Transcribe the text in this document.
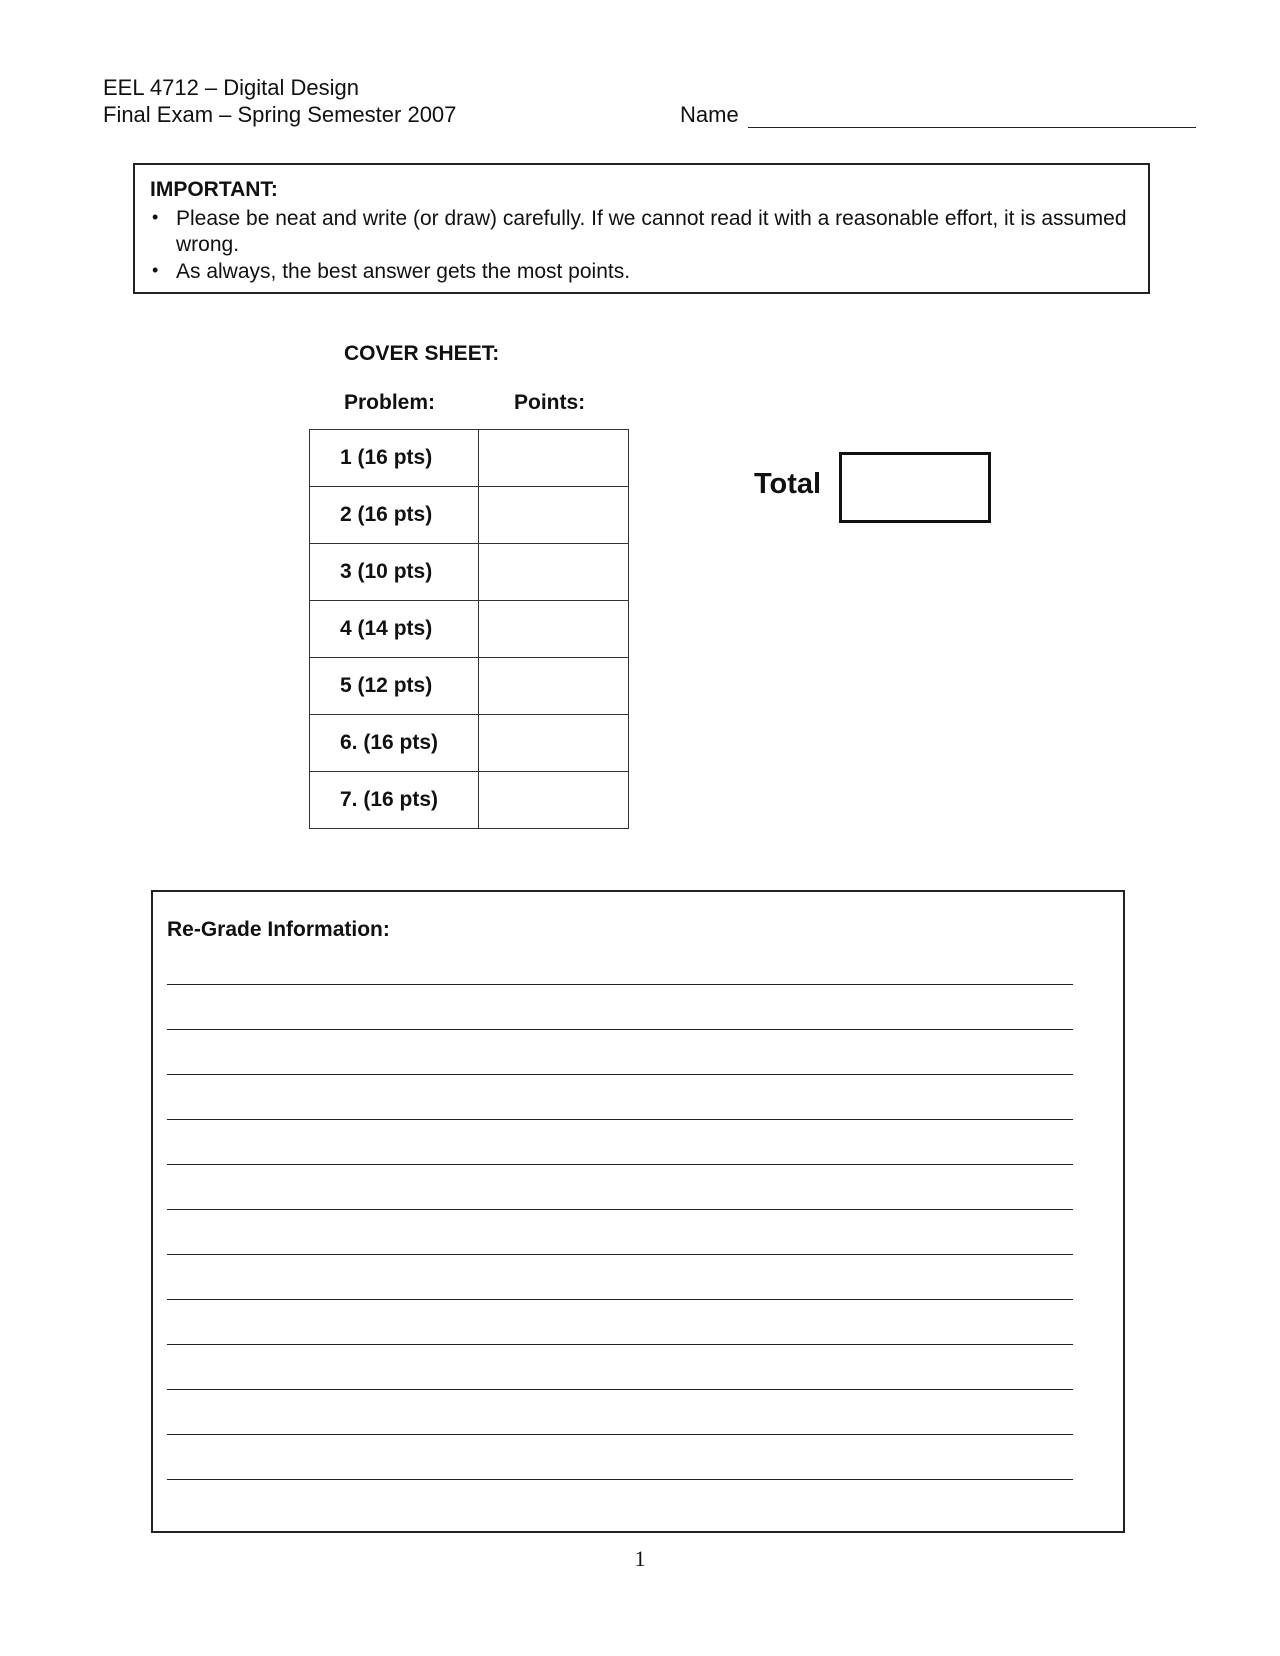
EEL 4712 – Digital Design
Final Exam – Spring Semester 2007	Name
IMPORTANT:
• Please be neat and write (or draw) carefully. If we cannot read it with a reasonable effort, it is assumed wrong.
• As always, the best answer gets the most points.
COVER SHEET:
Problem:	Points:
1 (16 pts)	
2 (16 pts)	
3 (10 pts)	
4 (14 pts)	
5 (12 pts)	
6. (16 pts)	
7. (16 pts)	
Total
Re-Grade Information:
1
